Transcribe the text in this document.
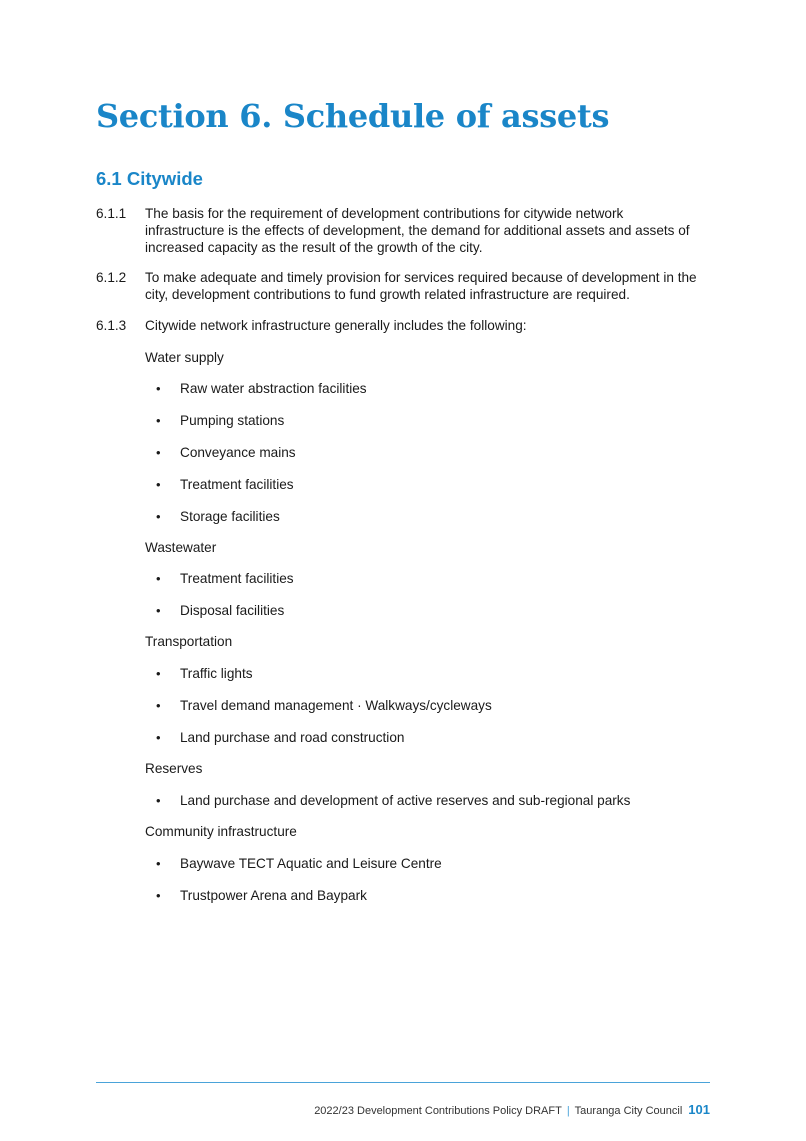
Section 6. Schedule of assets
6.1 Citywide
6.1.1 The basis for the requirement of development contributions for citywide network infrastructure is the effects of development, the demand for additional assets and assets of increased capacity as the result of the growth of the city.
6.1.2 To make adequate and timely provision for services required because of development in the city, development contributions to fund growth related infrastructure are required.
6.1.3 Citywide network infrastructure generally includes the following:
Water supply
• Raw water abstraction facilities
• Pumping stations
• Conveyance mains
• Treatment facilities
• Storage facilities
Wastewater
• Treatment facilities
• Disposal facilities
Transportation
• Traffic lights
• Travel demand management · Walkways/cycleways
• Land purchase and road construction
Reserves
• Land purchase and development of active reserves and sub-regional parks
Community infrastructure
• Baywave TECT Aquatic and Leisure Centre
• Trustpower Arena and Baypark
2022/23 Development Contributions Policy DRAFT | Tauranga City Council 101
